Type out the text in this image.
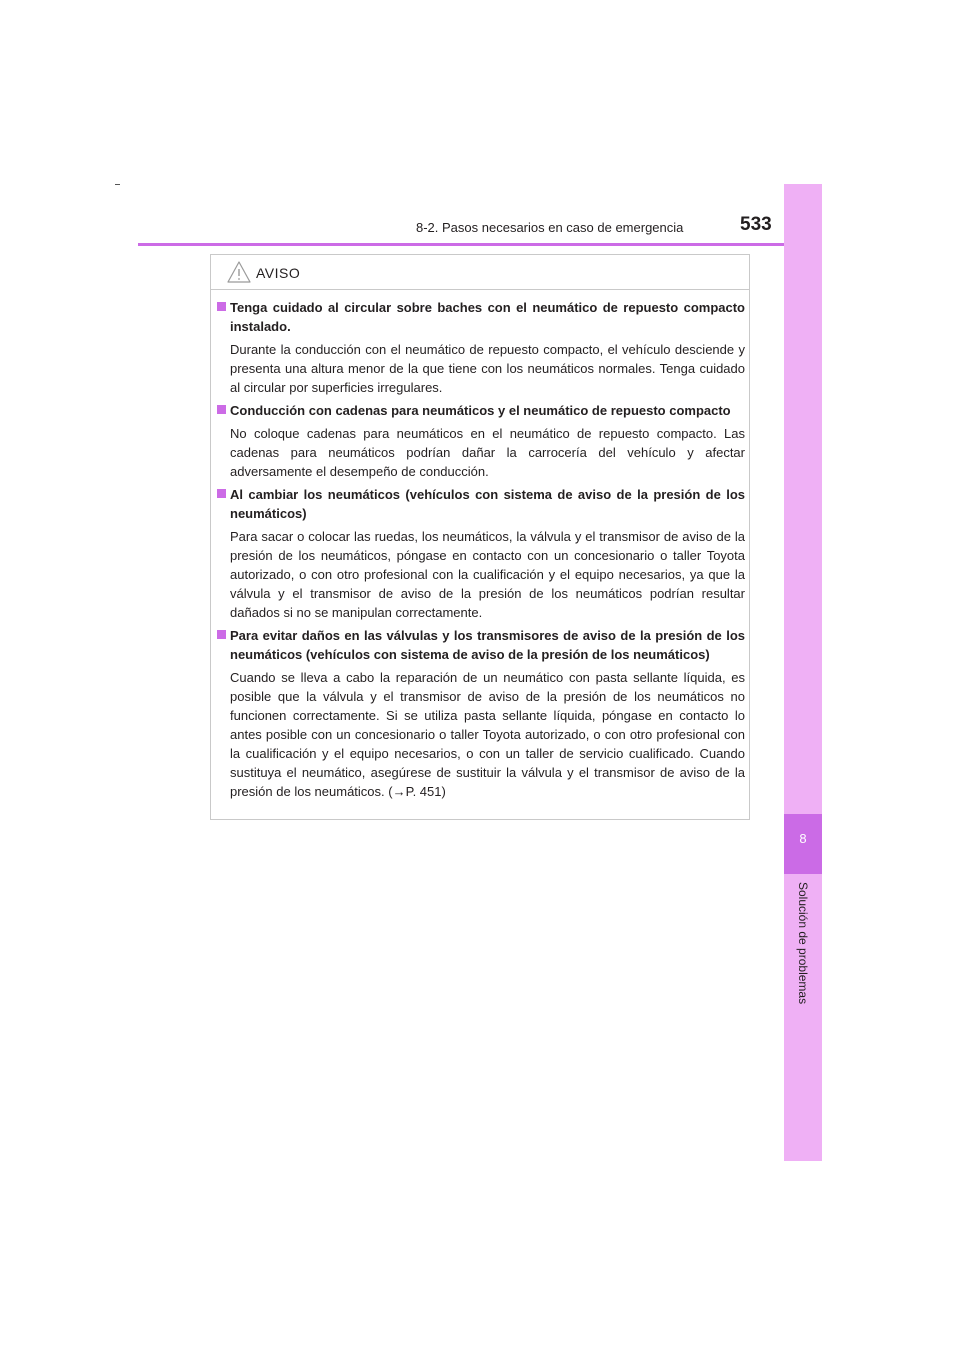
8-2. Pasos necesarios en caso de emergencia	533
8
Solución de problemas
AVISO

Tenga cuidado al circular sobre baches con el neumático de repuesto compacto instalado.

Durante la conducción con el neumático de repuesto compacto, el vehículo desciende y presenta una altura menor de la que tiene con los neumáticos normales. Tenga cuidado al circular por superficies irregulares.

Conducción con cadenas para neumáticos y el neumático de repuesto compacto

No coloque cadenas para neumáticos en el neumático de repuesto compacto. Las cadenas para neumáticos podrían dañar la carrocería del vehículo y afectar adversamente el desempeño de conducción.

Al cambiar los neumáticos (vehículos con sistema de aviso de la presión de los neumáticos)

Para sacar o colocar las ruedas, los neumáticos, la válvula y el transmisor de aviso de la presión de los neumáticos, póngase en contacto con un concesionario o taller Toyota autorizado, o con otro profesional con la cualificación y el equipo necesarios, ya que la válvula y el transmisor de aviso de la presión de los neumáticos podrían resultar dañados si no se manipulan correctamente.

Para evitar daños en las válvulas y los transmisores de aviso de la presión de los neumáticos (vehículos con sistema de aviso de la presión de los neumáticos)

Cuando se lleva a cabo la reparación de un neumático con pasta sellante líquida, es posible que la válvula y el transmisor de aviso de la presión de los neumáticos no funcionen correctamente. Si se utiliza pasta sellante líquida, póngase en contacto lo antes posible con un concesionario o taller Toyota autorizado, o con otro profesional con la cualificación y el equipo necesarios, o con un taller de servicio cualificado. Cuando sustituya el neumático, asegúrese de sustituir la válvula y el transmisor de aviso de la presión de los neumáticos. (→P. 451)
